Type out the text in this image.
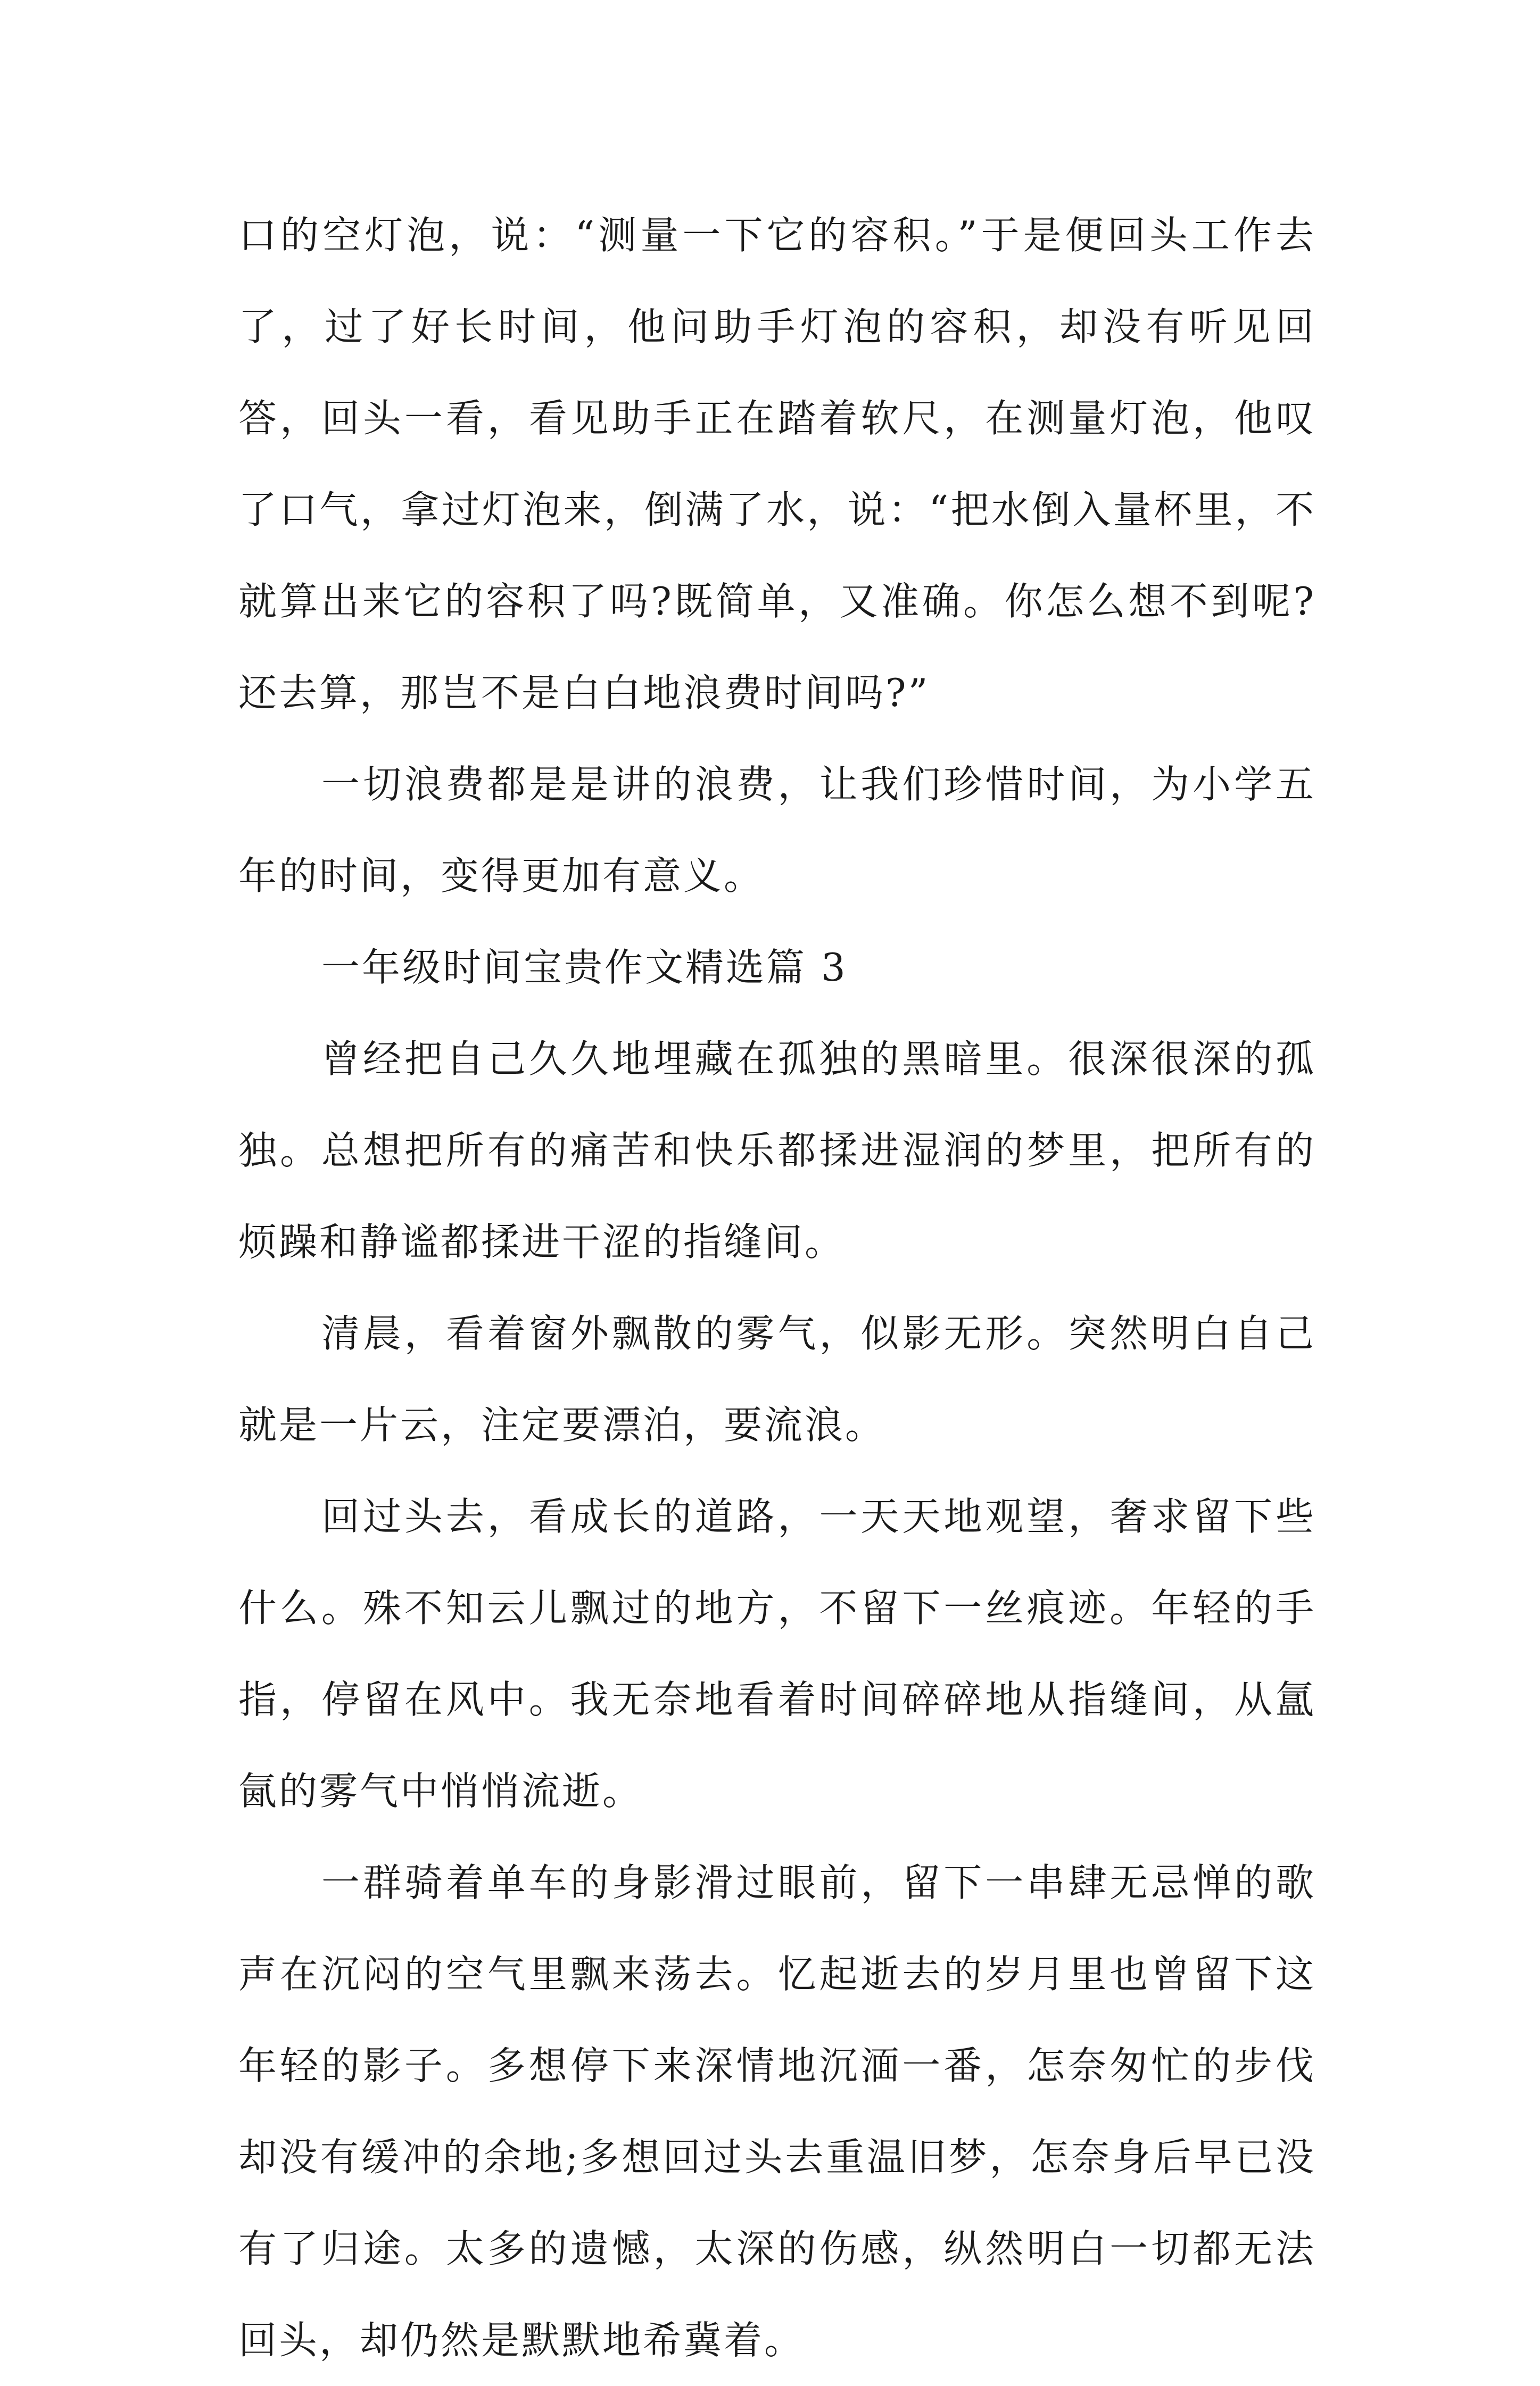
口的空灯泡，说：“测量一下它的容积。”于是便回头工作去了，过了好长时间，他问助手灯泡的容积，却没有听见回答，回头一看，看见助手正在踏着软尺，在测量灯泡，他叹了口气，拿过灯泡来，倒满了水，说：“把水倒入量杯里，不就算出来它的容积了吗?既简单，又准确。你怎么想不到呢?还去算，那岂不是白白地浪费时间吗?”

一切浪费都是是讲的浪费，让我们珍惜时间，为小学五年的时间，变得更加有意义。

一年级时间宝贵作文精选篇 3

曾经把自己久久地埋藏在孤独的黑暗里。很深很深的孤独。总想把所有的痛苦和快乐都揉进湿润的梦里，把所有的烦躁和静谧都揉进干涩的指缝间。

清晨，看着窗外飘散的雾气，似影无形。突然明白自己就是一片云，注定要漂泊，要流浪。

回过头去，看成长的道路，一天天地观望，奢求留下些什么。殊不知云儿飘过的地方，不留下一丝痕迹。年轻的手指，停留在风中。我无奈地看着时间碎碎地从指缝间，从氲氤的雾气中悄悄流逝。

一群骑着单车的身影滑过眼前，留下一串肆无忌惮的歌声在沉闷的空气里飘来荡去。忆起逝去的岁月里也曾留下这年轻的影子。多想停下来深情地沉湎一番，怎奈匆忙的步伐却没有缓冲的余地;多想回过头去重温旧梦，怎奈身后早已没有了归途。太多的遗憾，太深的伤感，纵然明白一切都无法回头，却仍然是默默地希冀着。
